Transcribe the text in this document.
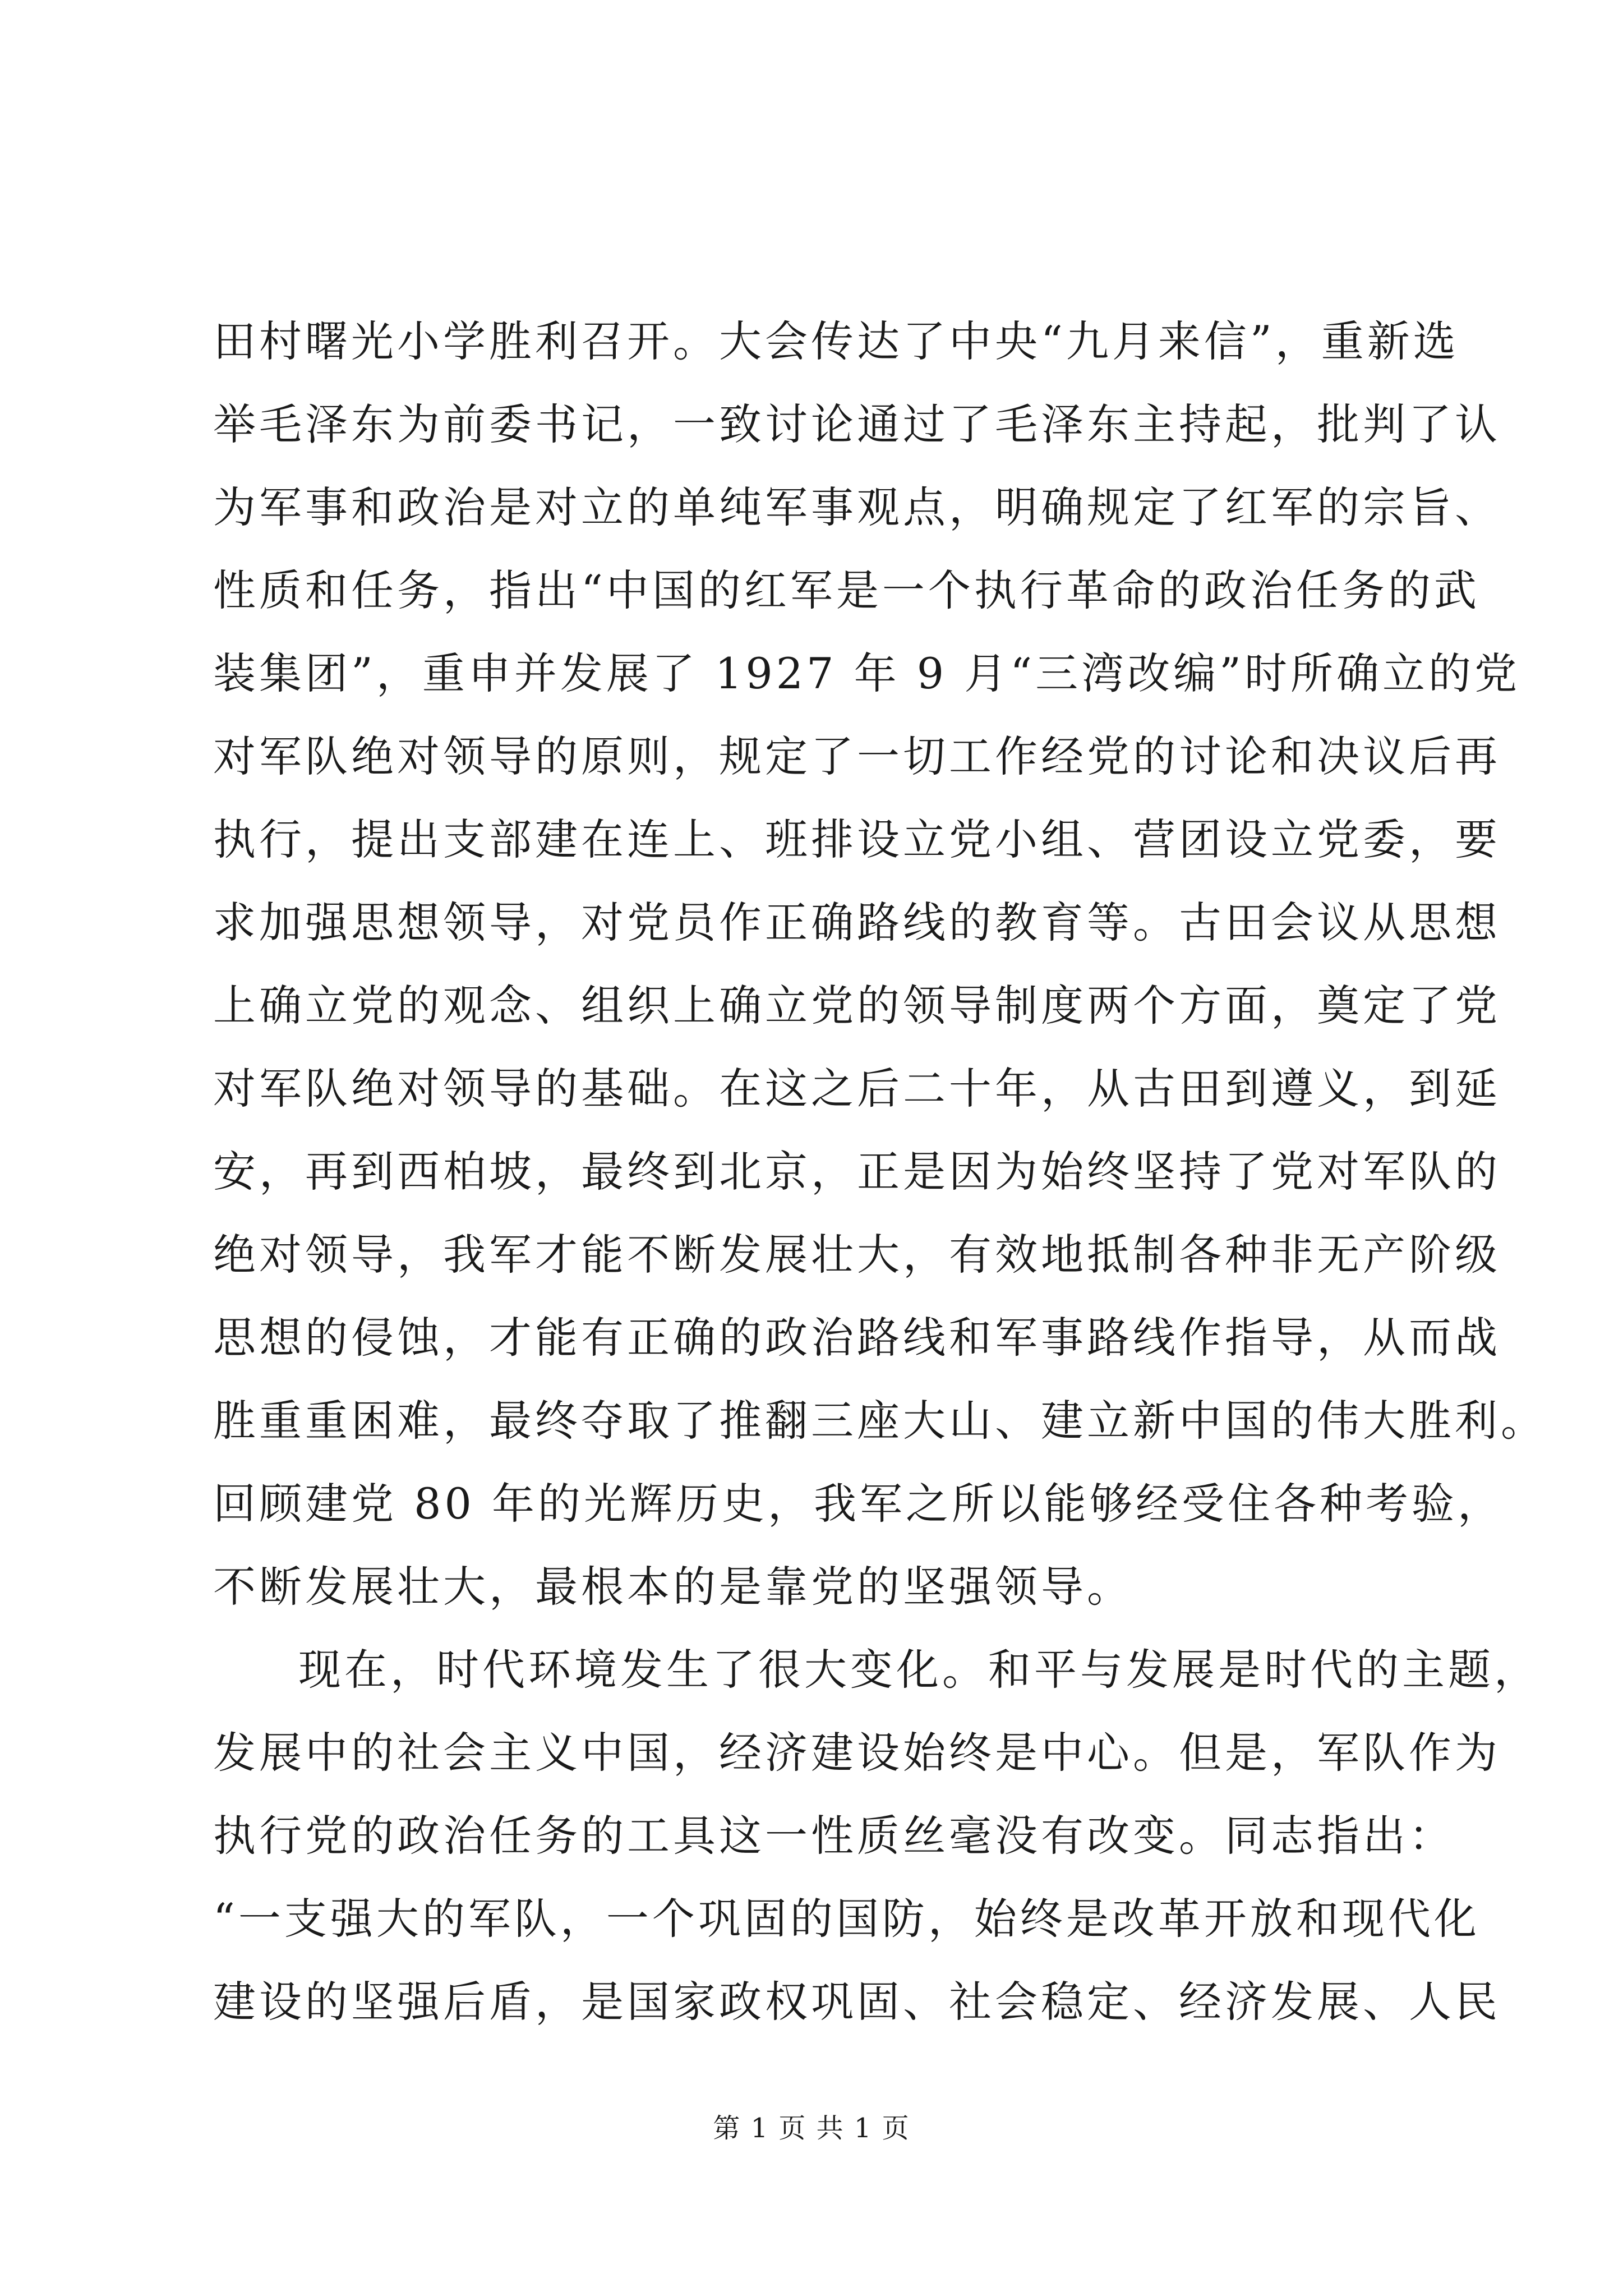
田村曙光小学胜利召开。大会传达了中央“九月来信”，重新选
举毛泽东为前委书记，一致讨论通过了毛泽东主持起，批判了认
为军事和政治是对立的单纯军事观点，明确规定了红军的宗旨、
性质和任务，指出“中国的红军是一个执行革命的政治任务的武
装集团”，重申并发展了 1927 年 9 月“三湾改编”时所确立的党
对军队绝对领导的原则，规定了一切工作经党的讨论和决议后再
执行，提出支部建在连上、班排设立党小组、营团设立党委，要
求加强思想领导，对党员作正确路线的教育等。古田会议从思想
上确立党的观念、组织上确立党的领导制度两个方面，奠定了党
对军队绝对领导的基础。在这之后二十年，从古田到遵义，到延
安，再到西柏坡，最终到北京，正是因为始终坚持了党对军队的
绝对领导，我军才能不断发展壮大，有效地抵制各种非无产阶级
思想的侵蚀，才能有正确的政治路线和军事路线作指导，从而战
胜重重困难，最终夺取了推翻三座大山、建立新中国的伟大胜利。
回顾建党 80 年的光辉历史，我军之所以能够经受住各种考验，
不断发展壮大，最根本的是靠党的坚强领导。
现在，时代环境发生了很大变化。和平与发展是时代的主题，
发展中的社会主义中国，经济建设始终是中心。但是，军队作为
执行党的政治任务的工具这一性质丝毫没有改变。同志指出：
“一支强大的军队，一个巩固的国防，始终是改革开放和现代化
建设的坚强后盾，是国家政权巩固、社会稳定、经济发展、人民
第 1 页 共 1 页
